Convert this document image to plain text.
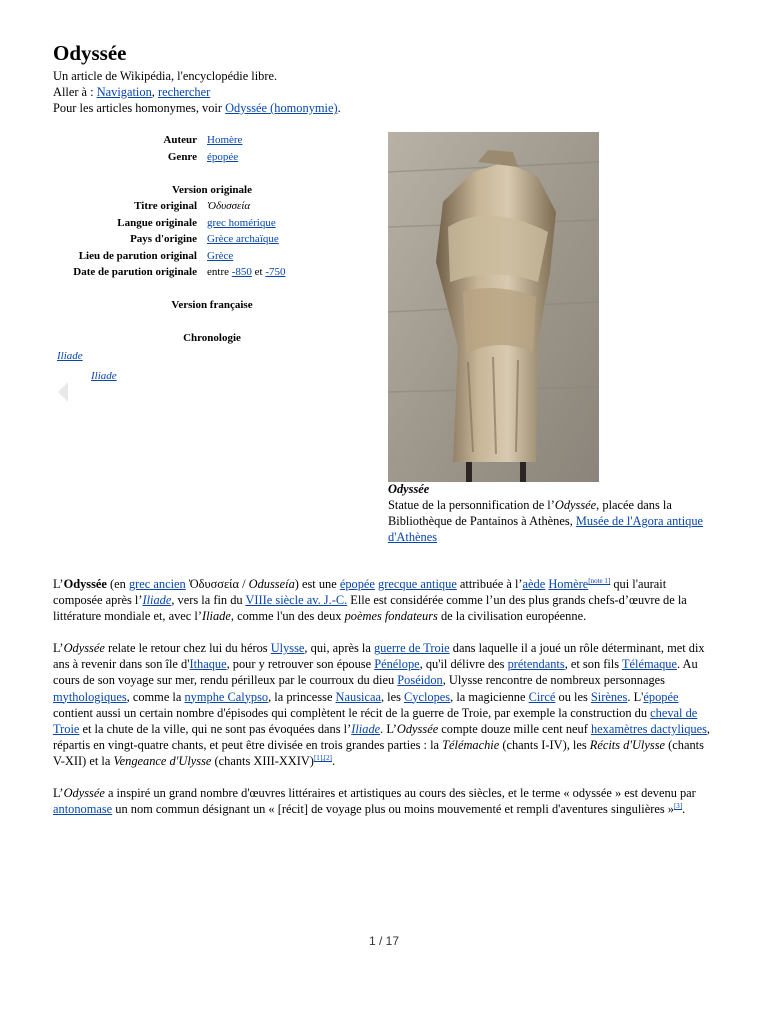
Odyssée
Un article de Wikipédia, l'encyclopédie libre.
Aller à : Navigation, rechercher
Pour les articles homonymes, voir Odyssée (homonymie).
Auteur Homère
Genre épopée
Version originale
Titre original Ὀδυσσεία
Langue originale grec homérique
Pays d'origine Grèce archaïque
Lieu de parution original Grèce
Date de parution originale entre -850 et -750
Version française
Chronologie
Iliade
Iliade
Odyssée
Statue de la personnification de l’Odyssée, placée dans la Bibliothèque de Pantainos à Athènes, Musée de l'Agora antique d'Athènes

L’Odyssée (en grec ancien Ὀδυσσεία / Odusseía) est une épopée grecque antique attribuée à l’aède Homère[note 1] qui l'aurait composée après l’Iliade, vers la fin du VIIIe siècle av. J.-C. Elle est considérée comme l’un des plus grands chefs-d’œuvre de la littérature mondiale et, avec l’Iliade, comme l'un des deux poèmes fondateurs de la civilisation européenne.

L’Odyssée relate le retour chez lui du héros Ulysse, qui, après la guerre de Troie dans laquelle il a joué un rôle déterminant, met dix ans à revenir dans son île d'Ithaque, pour y retrouver son épouse Pénélope, qu'il délivre des prétendants, et son fils Télémaque. Au cours de son voyage sur mer, rendu périlleux par le courroux du dieu Poséidon, Ulysse rencontre de nombreux personnages mythologiques, comme la nymphe Calypso, la princesse Nausicaa, les Cyclopes, la magicienne Circé ou les Sirènes. L'épopée contient aussi un certain nombre d'épisodes qui complètent le récit de la guerre de Troie, par exemple la construction du cheval de Troie et la chute de la ville, qui ne sont pas évoquées dans l’Iliade. L’Odyssée compte douze mille cent neuf hexamètres dactyliques, répartis en vingt-quatre chants, et peut être divisée en trois grandes parties : la Télémachie (chants I-IV), les Récits d'Ulysse (chants V-XII) et la Vengeance d'Ulysse (chants XIII-XXIV)[1],[2].

L’Odyssée a inspiré un grand nombre d'œuvres littéraires et artistiques au cours des siècles, et le terme « odyssée » est devenu par antonomase un nom commun désignant un « [récit] de voyage plus ou moins mouvementé et rempli d'aventures singulières »[3].

1 / 17
